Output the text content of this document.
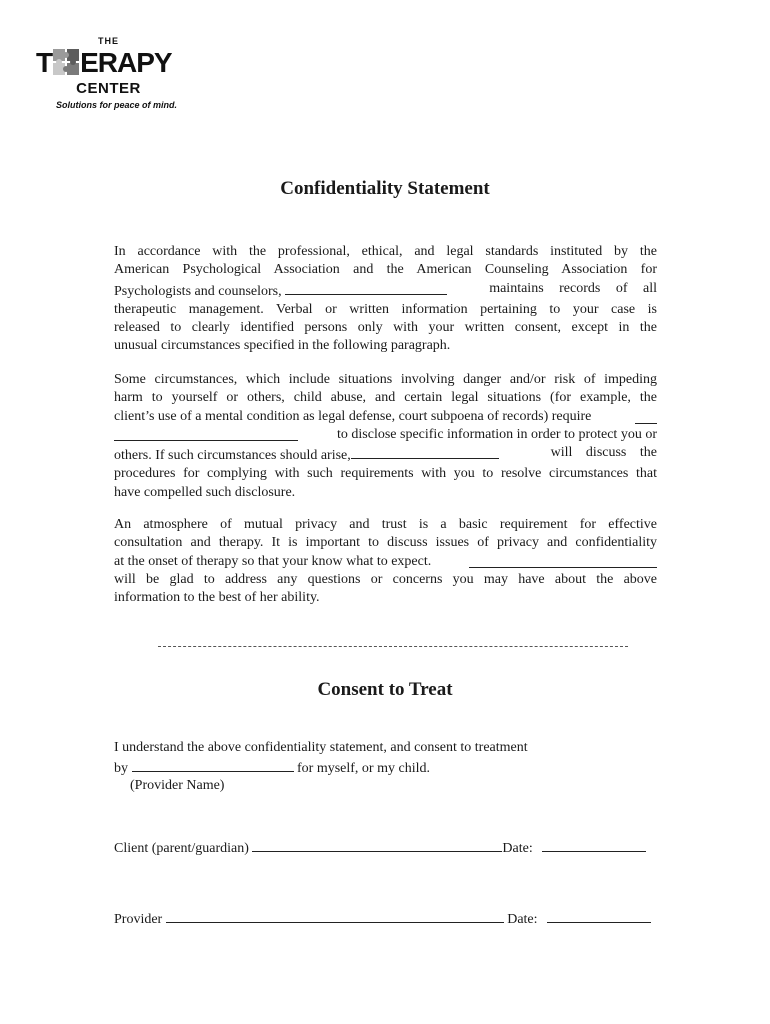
THE
T ERAPY
CENTER
Solutions for peace of mind.
Confidentiality Statement
In accordance with the professional, ethical, and legal standards instituted by the
American Psychological Association and the American Counseling Association for
Psychologists and counselors,	maintains records of all
therapeutic management. Verbal or written information pertaining to your case is
released to clearly identified persons only with your written consent, except in the
unusual circumstances specified in the following paragraph.
Some circumstances, which include situations involving danger and/or risk of impeding
harm to yourself or others, child abuse, and certain legal situations (for example, the
client’s use of a mental condition as legal defense, court subpoena of records) require
to disclose specific information in order to protect you or
others. If such circumstances should arise,	will discuss the
procedures for complying with such requirements with you to resolve circumstances that
have compelled such disclosure.
An atmosphere of mutual privacy and trust is a basic requirement for effective
consultation and therapy. It is important to discuss issues of privacy and confidentiality
at the onset of therapy so that your know what to expect.
will be glad to address any questions or concerns you may have about the above
information to the best of her ability.
Consent to Treat
I understand the above confidentiality statement, and consent to treatment
by	for myself, or my child.
(Provider Name)
Client (parent/guardian)	Date:
Provider	Date:
